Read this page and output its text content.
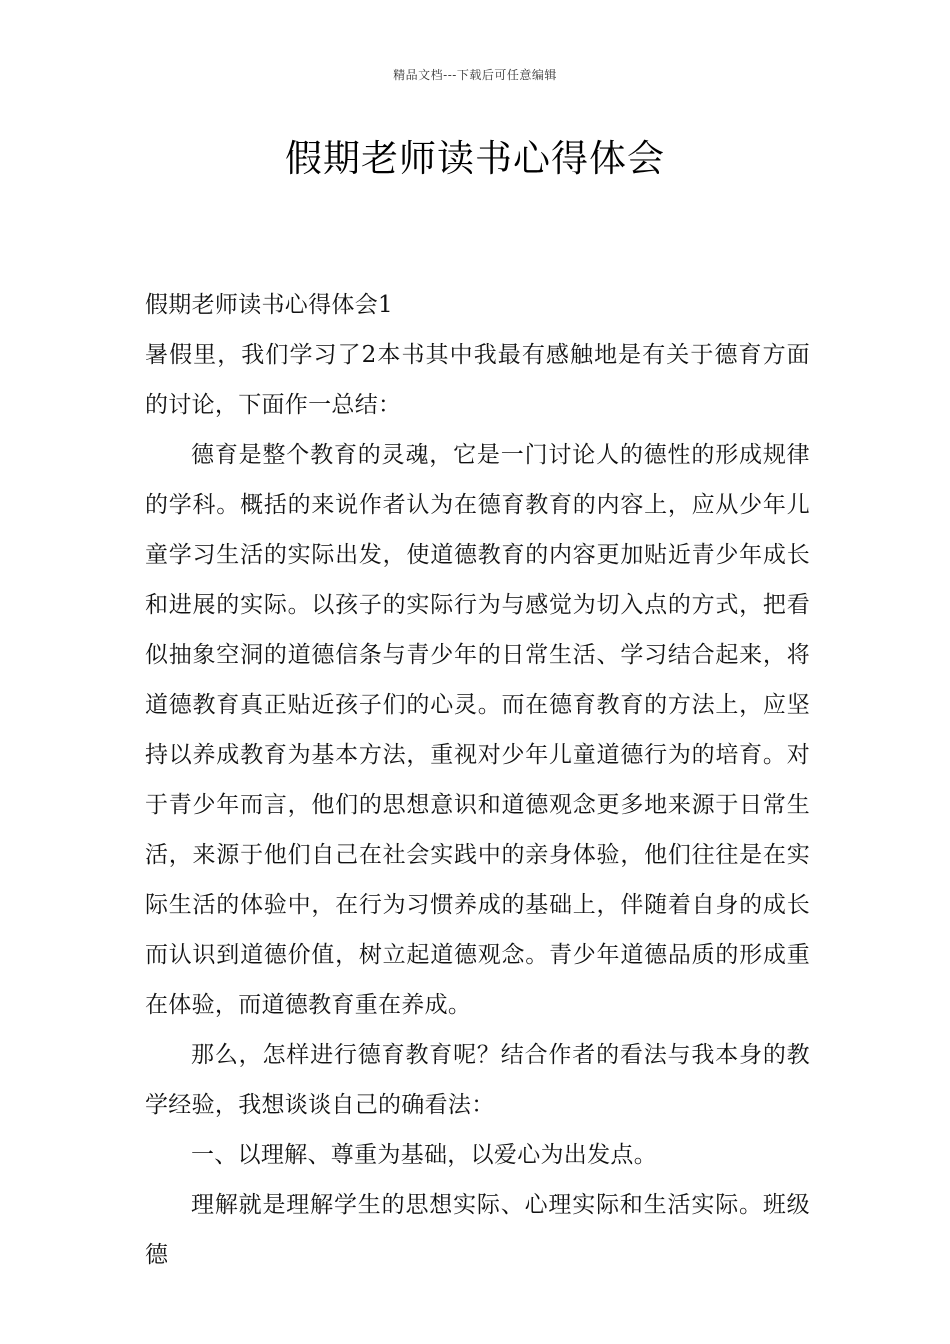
精品文档---下载后可任意编辑
假期老师读书心得体会

假期老师读书心得体会1

暑假里，我们学习了2本书其中我最有感触地是有关于德育方面的讨论，下面作一总结：

德育是整个教育的灵魂，它是一门讨论人的德性的形成规律的学科。概括的来说作者认为在德育教育的内容上，应从少年儿童学习生活的实际出发，使道德教育的内容更加贴近青少年成长和进展的实际。以孩子的实际行为与感觉为切入点的方式，把看似抽象空洞的道德信条与青少年的日常生活、学习结合起来，将道德教育真正贴近孩子们的心灵。而在德育教育的方法上，应坚持以养成教育为基本方法，重视对少年儿童道德行为的培育。对于青少年而言，他们的思想意识和道德观念更多地来源于日常生活，来源于他们自己在社会实践中的亲身体验，他们往往是在实际生活的体验中，在行为习惯养成的基础上，伴随着自身的成长而认识到道德价值，树立起道德观念。青少年道德品质的形成重在体验，而道德教育重在养成。

那么，怎样进行德育教育呢？结合作者的看法与我本身的教学经验，我想谈谈自己的确看法：

一、以理解、尊重为基础，以爱心为出发点。

理解就是理解学生的思想实际、心理实际和生活实际。班级德
